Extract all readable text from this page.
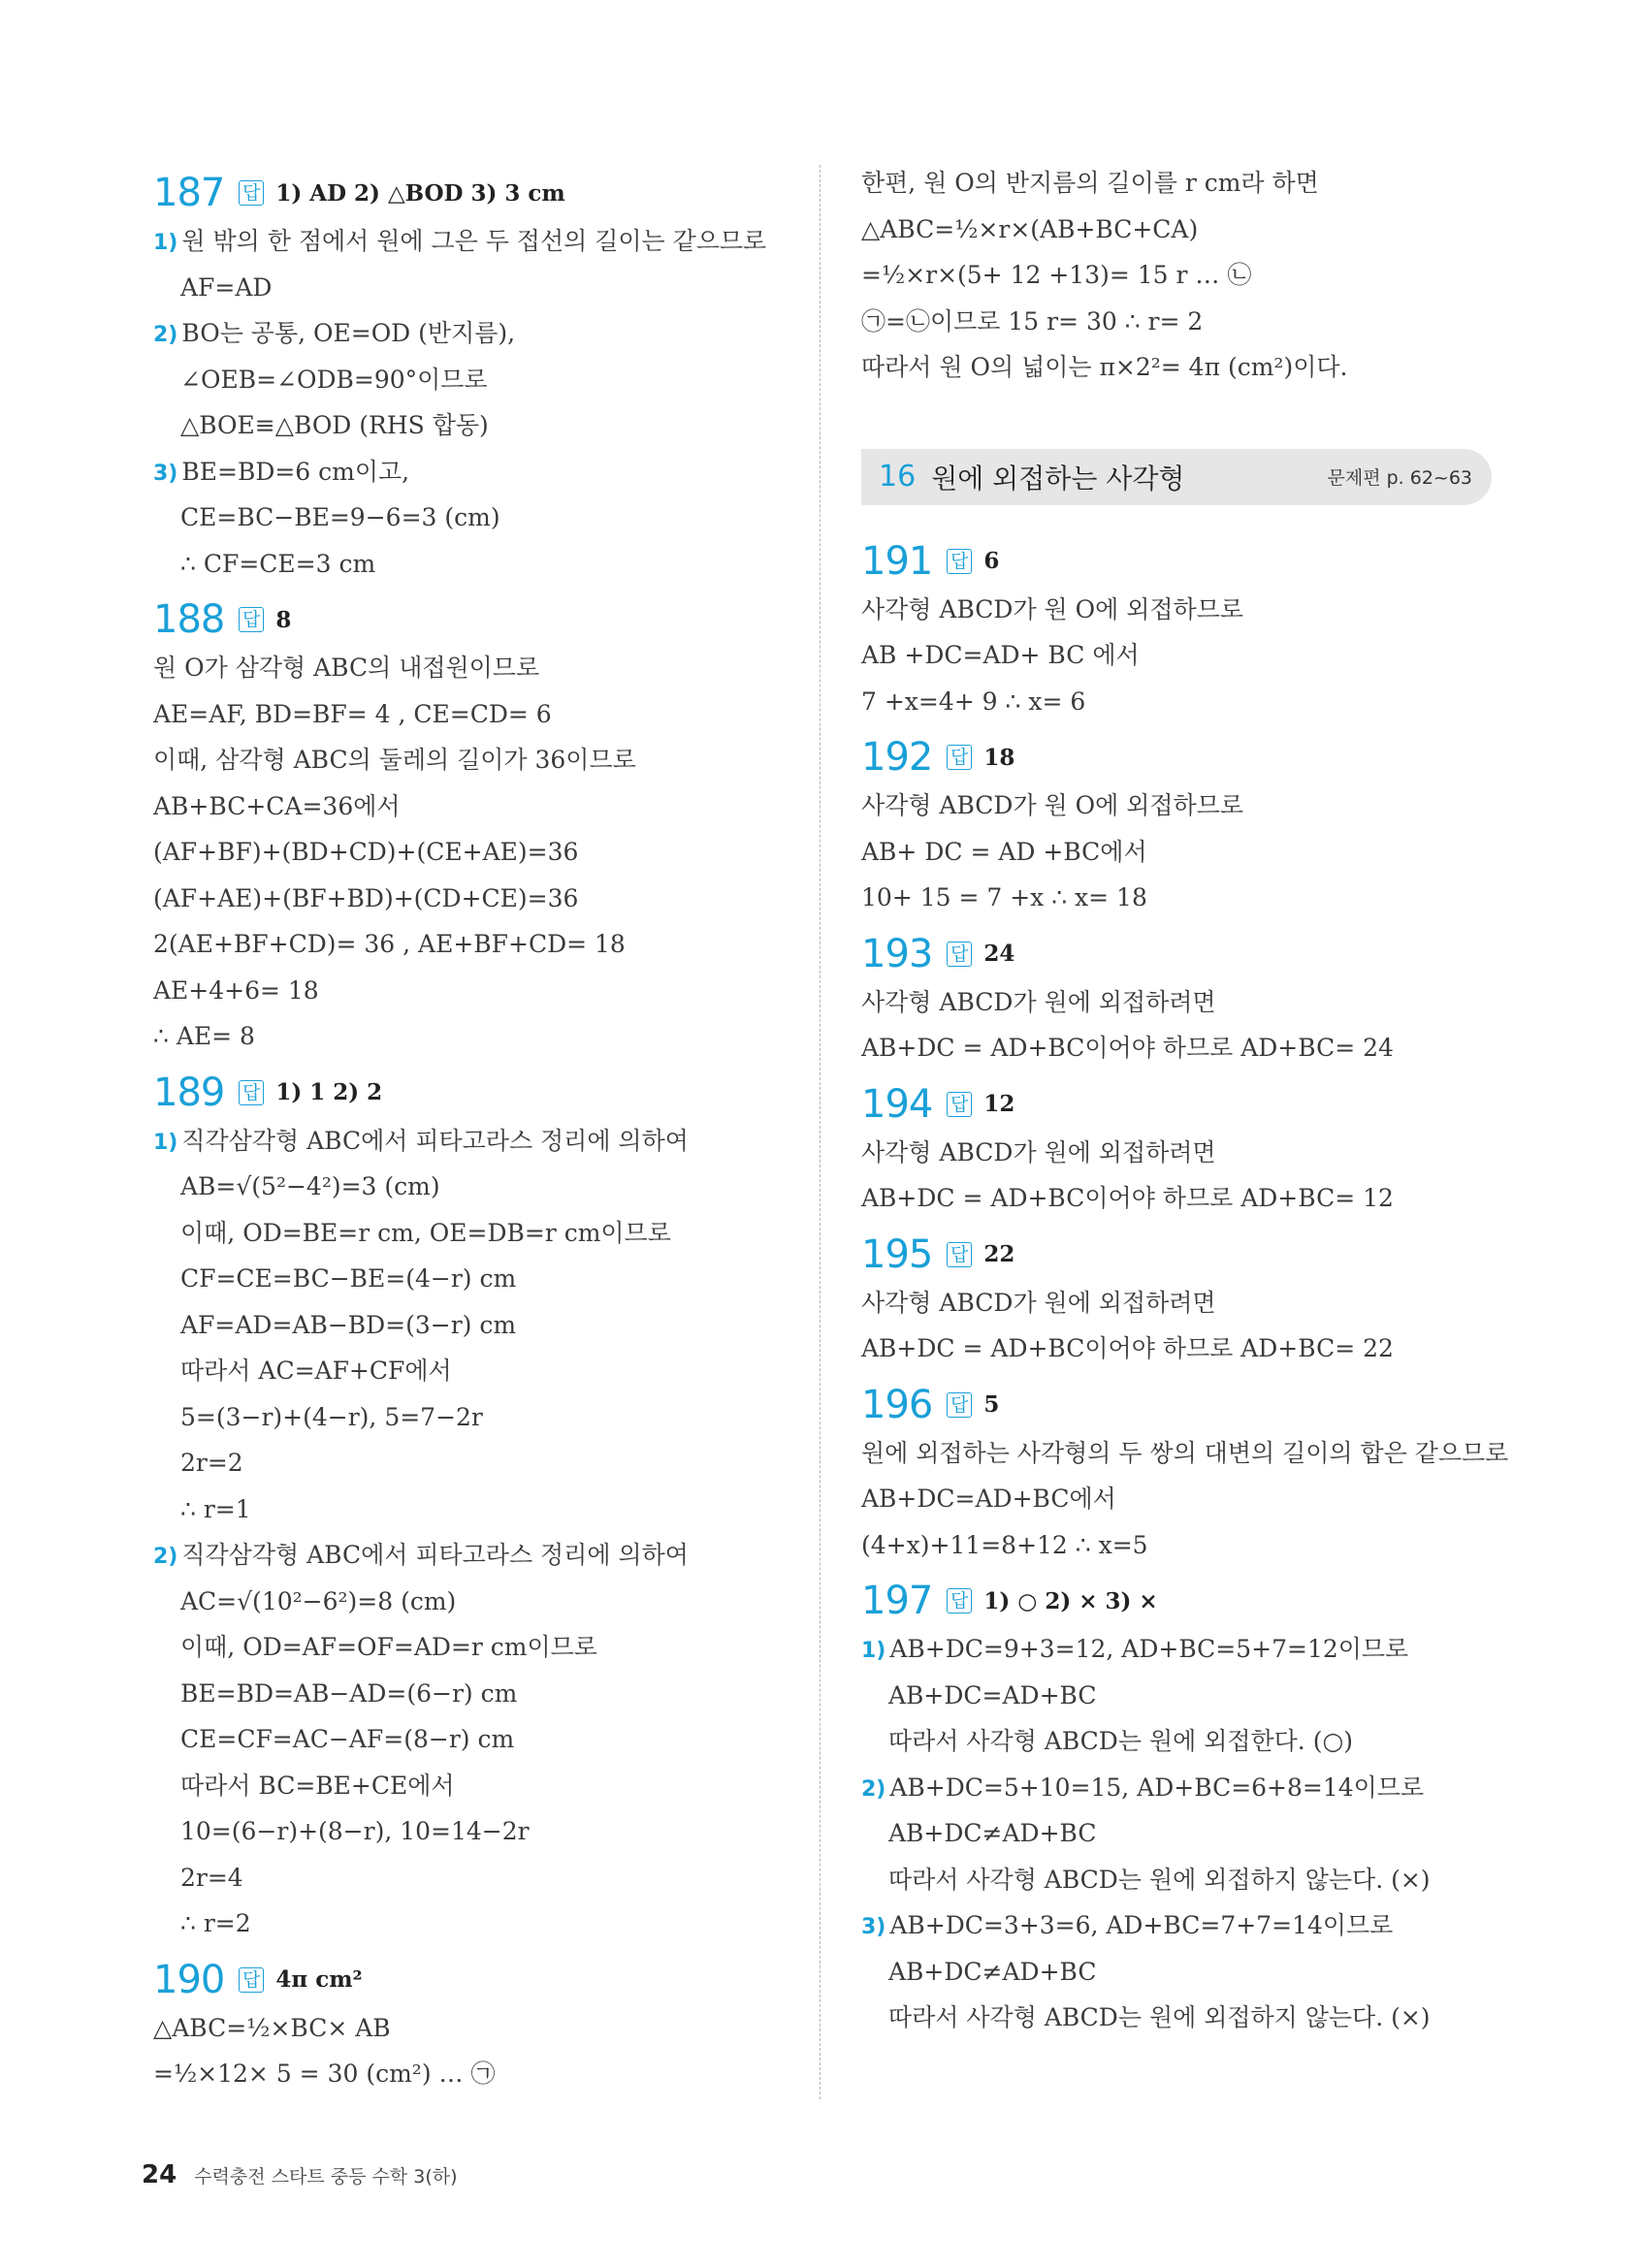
187 답 1) AD 2) △BOD 3) 3 cm
1) 원 밖의 한 점에서 원에 그은 두 접선의 길이는 같으므로
AF=AD
2) BO는 공통, OE=OD (반지름),
∠OEB=∠ODB=90°이므로
△BOE≡△BOD (RHS 합동)
3) BE=BD=6 cm이고,
CE=BC−BE=9−6=3 (cm)
∴ CF=CE=3 cm
188 답 8
원 O가 삼각형 ABC의 내접원이므로
AE=AF, BD=BF= 4 , CE=CD= 6
이때, 삼각형 ABC의 둘레의 길이가 36이므로
AB+BC+CA=36에서
(AF+BF)+(BD+CD)+(CE+AE)=36
(AF+AE)+(BF+BD)+(CD+CE)=36
2(AE+BF+CD)= 36 , AE+BF+CD= 18
AE+4+6= 18
∴ AE= 8
189 답 1) 1 2) 2
1) 직각삼각형 ABC에서 피타고라스 정리에 의하여
AB=√(5²−4²)=3 (cm)
이때, OD=BE=r cm, OE=DB=r cm이므로
CF=CE=BC−BE=(4−r) cm
AF=AD=AB−BD=(3−r) cm
따라서 AC=AF+CF에서
5=(3−r)+(4−r), 5=7−2r
2r=2
∴ r=1
2) 직각삼각형 ABC에서 피타고라스 정리에 의하여
AC=√(10²−6²)=8 (cm)
이때, OD=AF=OF=AD=r cm이므로
BE=BD=AB−AD=(6−r) cm
CE=CF=AC−AF=(8−r) cm
따라서 BC=BE+CE에서
10=(6−r)+(8−r), 10=14−2r
2r=4
∴ r=2
190 답 4π cm²
△ABC=½×BC× AB
=½×12× 5 = 30 (cm²) … ㉠
한편, 원 O의 반지름의 길이를 r cm라 하면
△ABC=½×r×(AB+BC+CA)
=½×r×(5+ 12 +13)= 15 r … ㉡
㉠=㉡이므로 15 r= 30 ∴ r= 2
따라서 원 O의 넓이는 π×2²= 4π (cm²)이다.
16 원에 외접하는 사각형	문제편 p. 62~63
191 답 6
사각형 ABCD가 원 O에 외접하므로
AB +DC=AD+ BC 에서
7 +x=4+ 9 ∴ x= 6
192 답 18
사각형 ABCD가 원 O에 외접하므로
AB+ DC = AD +BC에서
10+ 15 = 7 +x ∴ x= 18
193 답 24
사각형 ABCD가 원에 외접하려면
AB+DC = AD+BC이어야 하므로 AD+BC= 24
194 답 12
사각형 ABCD가 원에 외접하려면
AB+DC = AD+BC이어야 하므로 AD+BC= 12
195 답 22
사각형 ABCD가 원에 외접하려면
AB+DC = AD+BC이어야 하므로 AD+BC= 22
196 답 5
원에 외접하는 사각형의 두 쌍의 대변의 길이의 합은 같으므로
AB+DC=AD+BC에서
(4+x)+11=8+12 ∴ x=5
197 답 1) ○ 2) × 3) ×
1) AB+DC=9+3=12, AD+BC=5+7=12이므로
AB+DC=AD+BC
따라서 사각형 ABCD는 원에 외접한다. (○)
2) AB+DC=5+10=15, AD+BC=6+8=14이므로
AB+DC≠AD+BC
따라서 사각형 ABCD는 원에 외접하지 않는다. (×)
3) AB+DC=3+3=6, AD+BC=7+7=14이므로
AB+DC≠AD+BC
따라서 사각형 ABCD는 원에 외접하지 않는다. (×)
24 수력충전 스타트 중등 수학 3(하)
